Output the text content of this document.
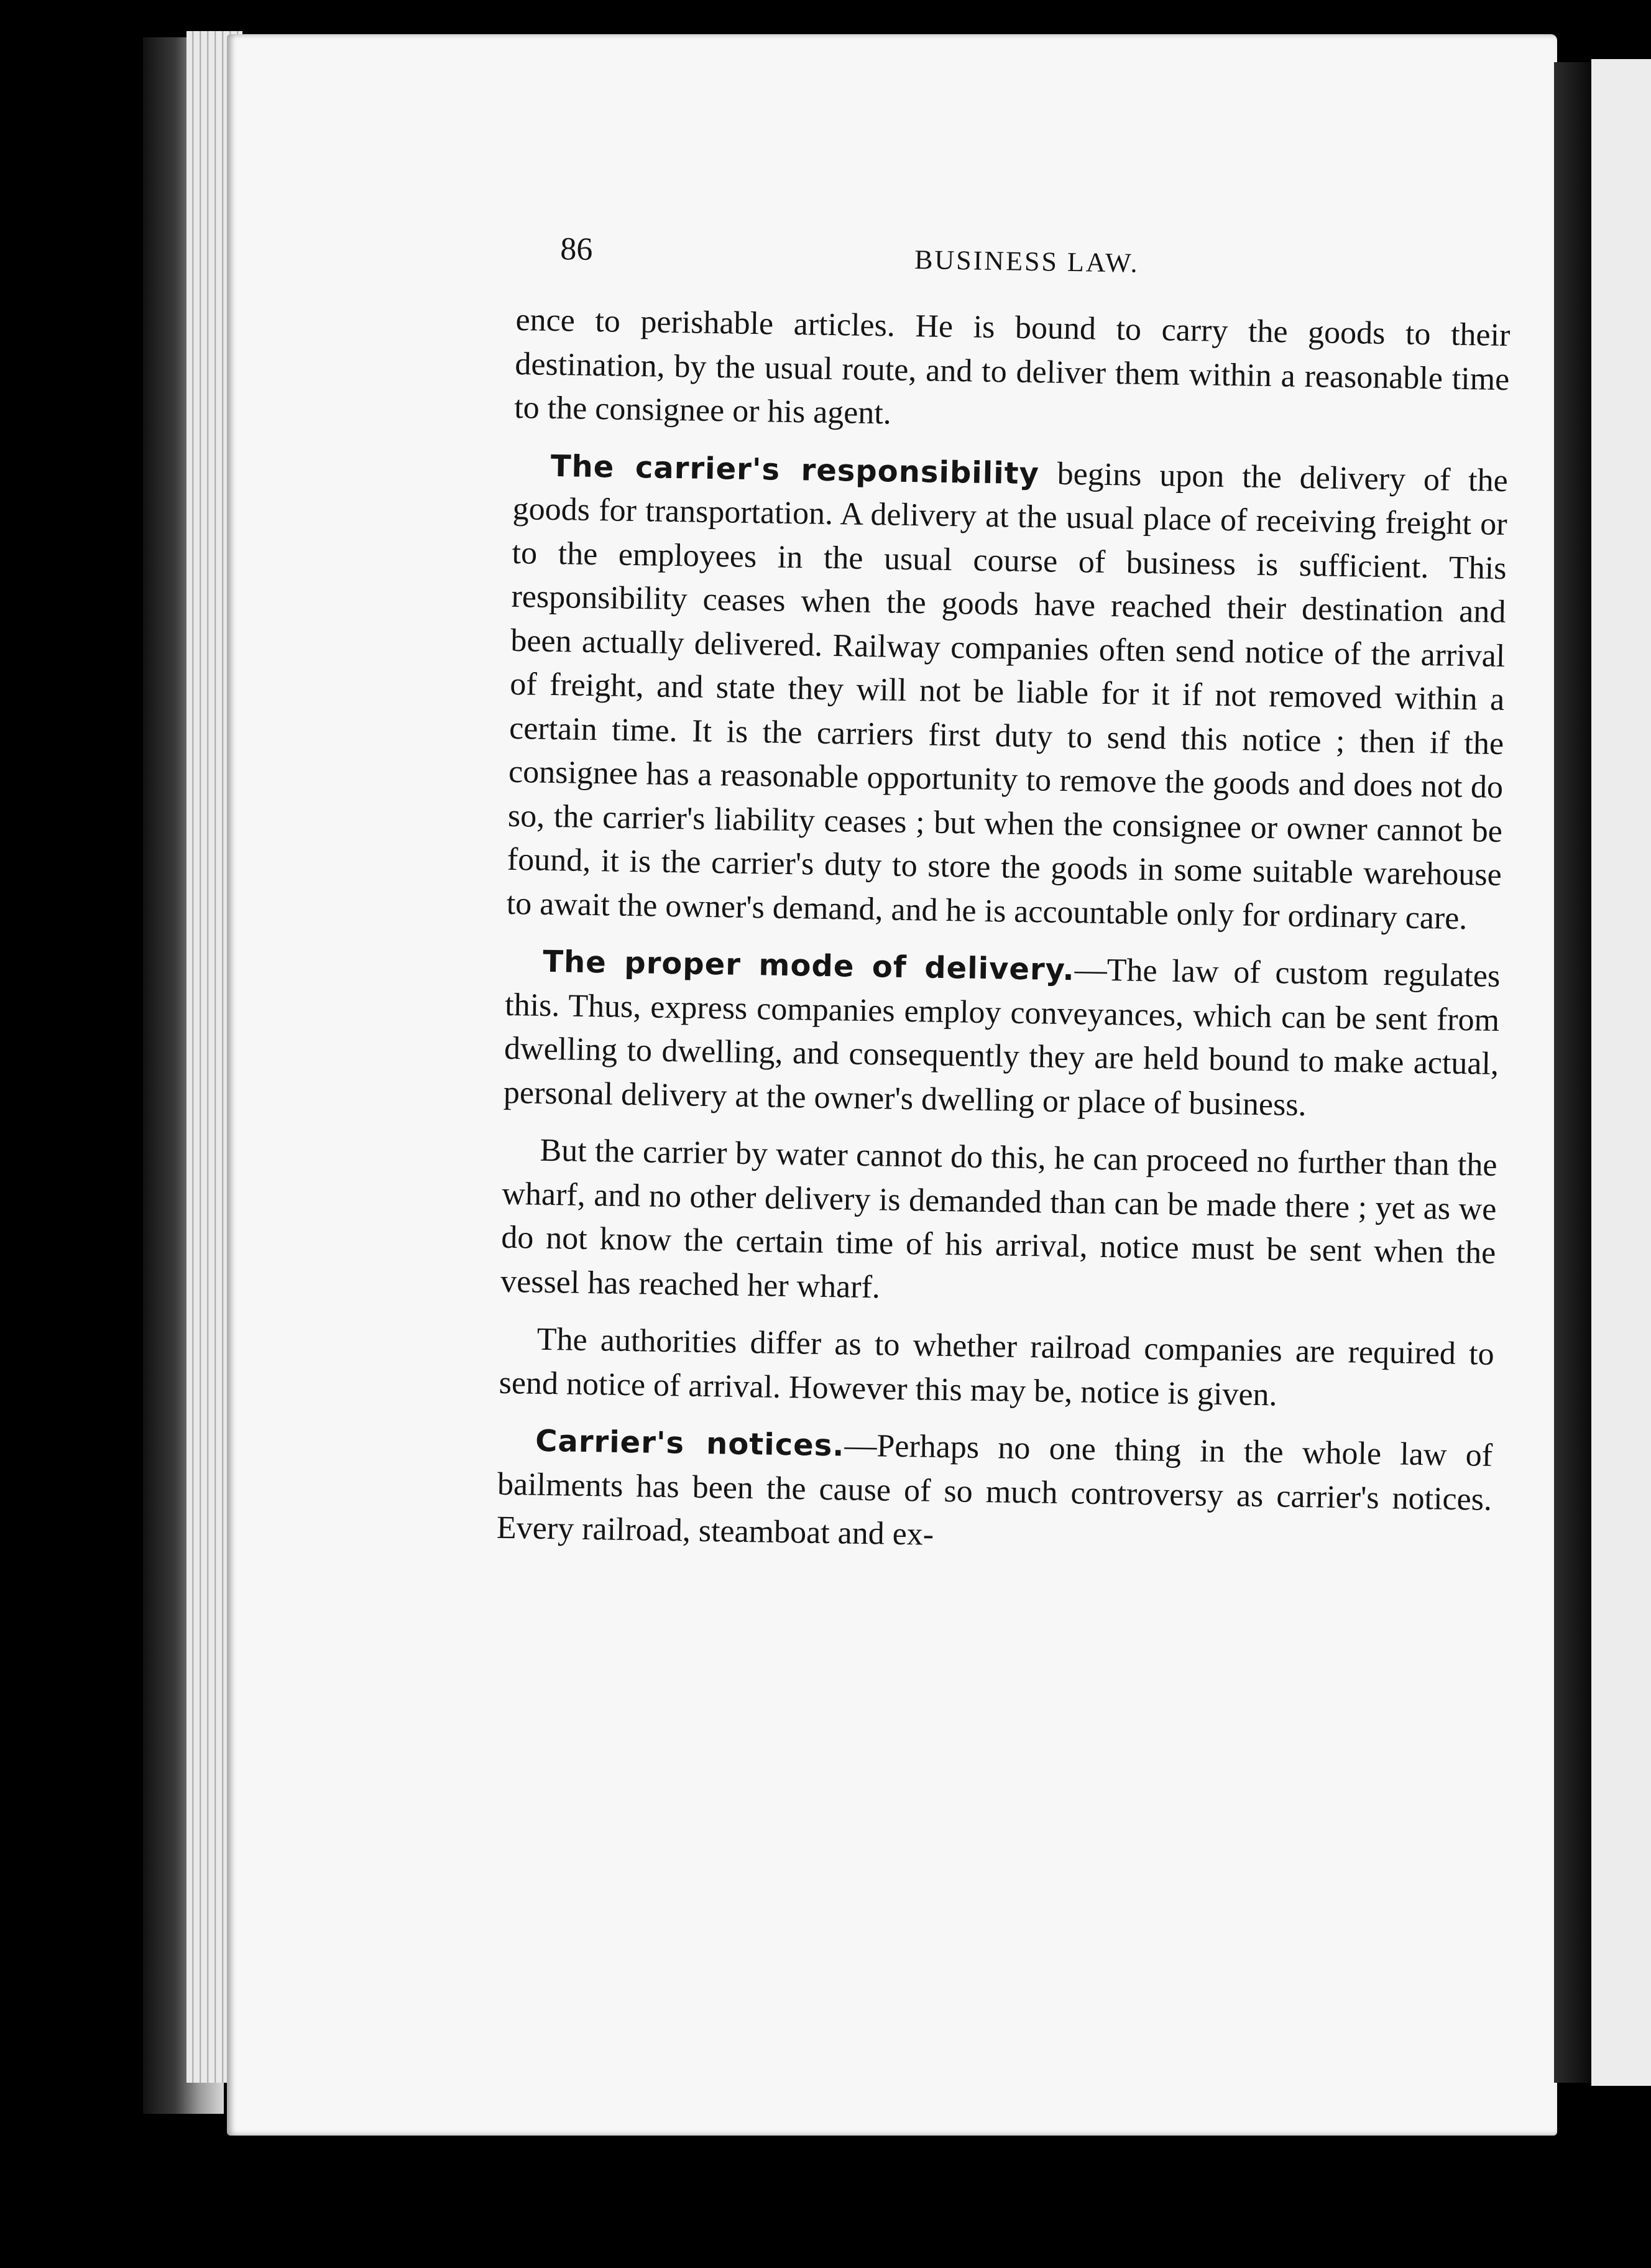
86	BUSINESS LAW.

ence to perishable articles. He is bound to carry the goods to their destination, by the usual route, and to deliver them within a reasonable time to the consignee or his agent.

The carrier's responsibility begins upon the delivery of the goods for transportation. A delivery at the usual place of receiving freight or to the employees in the usual course of business is sufficient. This responsibility ceases when the goods have reached their destination and been actually delivered. Railway companies often send notice of the arrival of freight, and state they will not be liable for it if not removed within a certain time. It is the carriers first duty to send this notice ; then if the consignee has a reasonable opportunity to remove the goods and does not do so, the carrier's liability ceases ; but when the consignee or owner cannot be found, it is the carrier's duty to store the goods in some suitable warehouse to await the owner's demand, and he is accountable only for ordinary care.

The proper mode of delivery.—The law of custom regulates this. Thus, express companies employ conveyances, which can be sent from dwelling to dwelling, and consequently they are held bound to make actual, personal delivery at the owner's dwelling or place of business.

But the carrier by water cannot do this, he can proceed no further than the wharf, and no other delivery is demanded than can be made there ; yet as we do not know the certain time of his arrival, notice must be sent when the vessel has reached her wharf.

The authorities differ as to whether railroad companies are required to send notice of arrival. However this may be, notice is given.

Carrier's notices.—Perhaps no one thing in the whole law of bailments has been the cause of so much controversy as carrier's notices. Every railroad, steamboat and ex-
